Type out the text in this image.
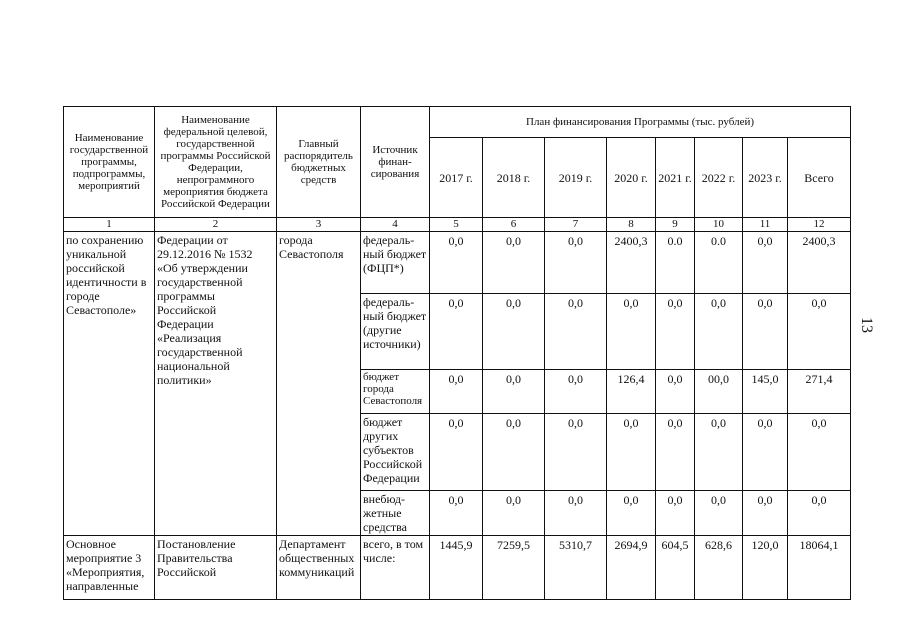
13
Наименование государственной программы, подпрограммы, мероприятий	Наименование федеральной целевой, государственной программы Российской Федерации, непрограммного мероприятия бюджета Российской Федерации	Главный распорядитель бюджетных средств	Источник финан-сирования	План финансирования Программы (тыс. рублей)							
				2017 г.	2018 г.	2019 г.	2020 г.	2021 г.	2022 г.	2023 г.	Всего
1	2	3	4	5	6	7	8	9	10	11	12
по сохранению уникальной российской идентичности в городе Севастополе»	Федерации от 29.12.2016 № 1532 «Об утверждении государственной программы Российской Федерации «Реализация государственной национальной политики»	города Севастополя	федераль-ный бюджет (ФЦП*)	0,0	0,0	0,0	2400,3	0.0	0.0	0,0	2400,3
			федераль-ный бюджет (другие источники)	0,0	0,0	0,0	0,0	0,0	0,0	0,0	0,0
			бюджет города Севастополя	0,0	0,0	0,0	126,4	0,0	00,0	145,0	271,4
			бюджет других субъектов Российской Федерации	0,0	0,0	0,0	0,0	0,0	0,0	0,0	0,0
			внебюд-жетные средства	0,0	0,0	0,0	0,0	0,0	0,0	0,0	0,0
Основное мероприятие 3 «Мероприятия, направленные	Постановление Правительства Российской	Департамент общественных коммуникаций	всего, в том числе:	1445,9	7259,5	5310,7	2694,9	604,5	628,6	120,0	18064,1
